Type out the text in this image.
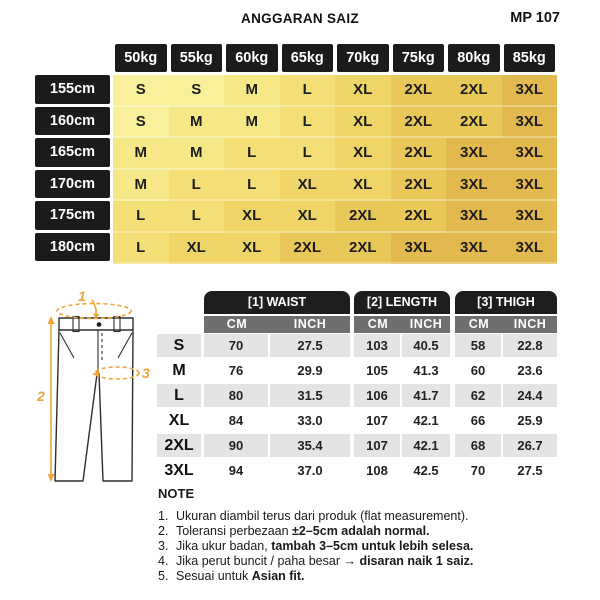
ANGGARAN SAIZ	MP 107
50kg	55kg	60kg	65kg	70kg	75kg	80kg	85kg
155cm	S	S	M	L	XL	2XL	2XL	3XL
160cm	S	M	M	L	XL	2XL	2XL	3XL
165cm	M	M	L	L	XL	2XL	3XL	3XL
170cm	M	L	L	XL	XL	2XL	3XL	3XL
175cm	L	L	XL	XL	2XL	2XL	3XL	3XL
180cm	L	XL	XL	2XL	2XL	3XL	3XL	3XL
2
1
3
[1] WAIST	[2] LENGTH	[3] THIGH
CM	INCH	CM	INCH	CM	INCH
S	70	27.5	103	40.5	58	22.8
M	76	29.9	105	41.3	60	23.6
L	80	31.5	106	41.7	62	24.4
XL	84	33.0	107	42.1	66	25.9
2XL	90	35.4	107	42.1	68	26.7
3XL	94	37.0	108	42.5	70	27.5
NOTE
1. Ukuran diambil terus dari produk (flat measurement).
2. Toleransi perbezaan ±2–5cm adalah normal.
3. Jika ukur badan, tambah 3–5cm untuk lebih selesa.
4. Jika perut buncit / paha besar → disaran naik 1 saiz.
5. Sesuai untuk Asian fit.
